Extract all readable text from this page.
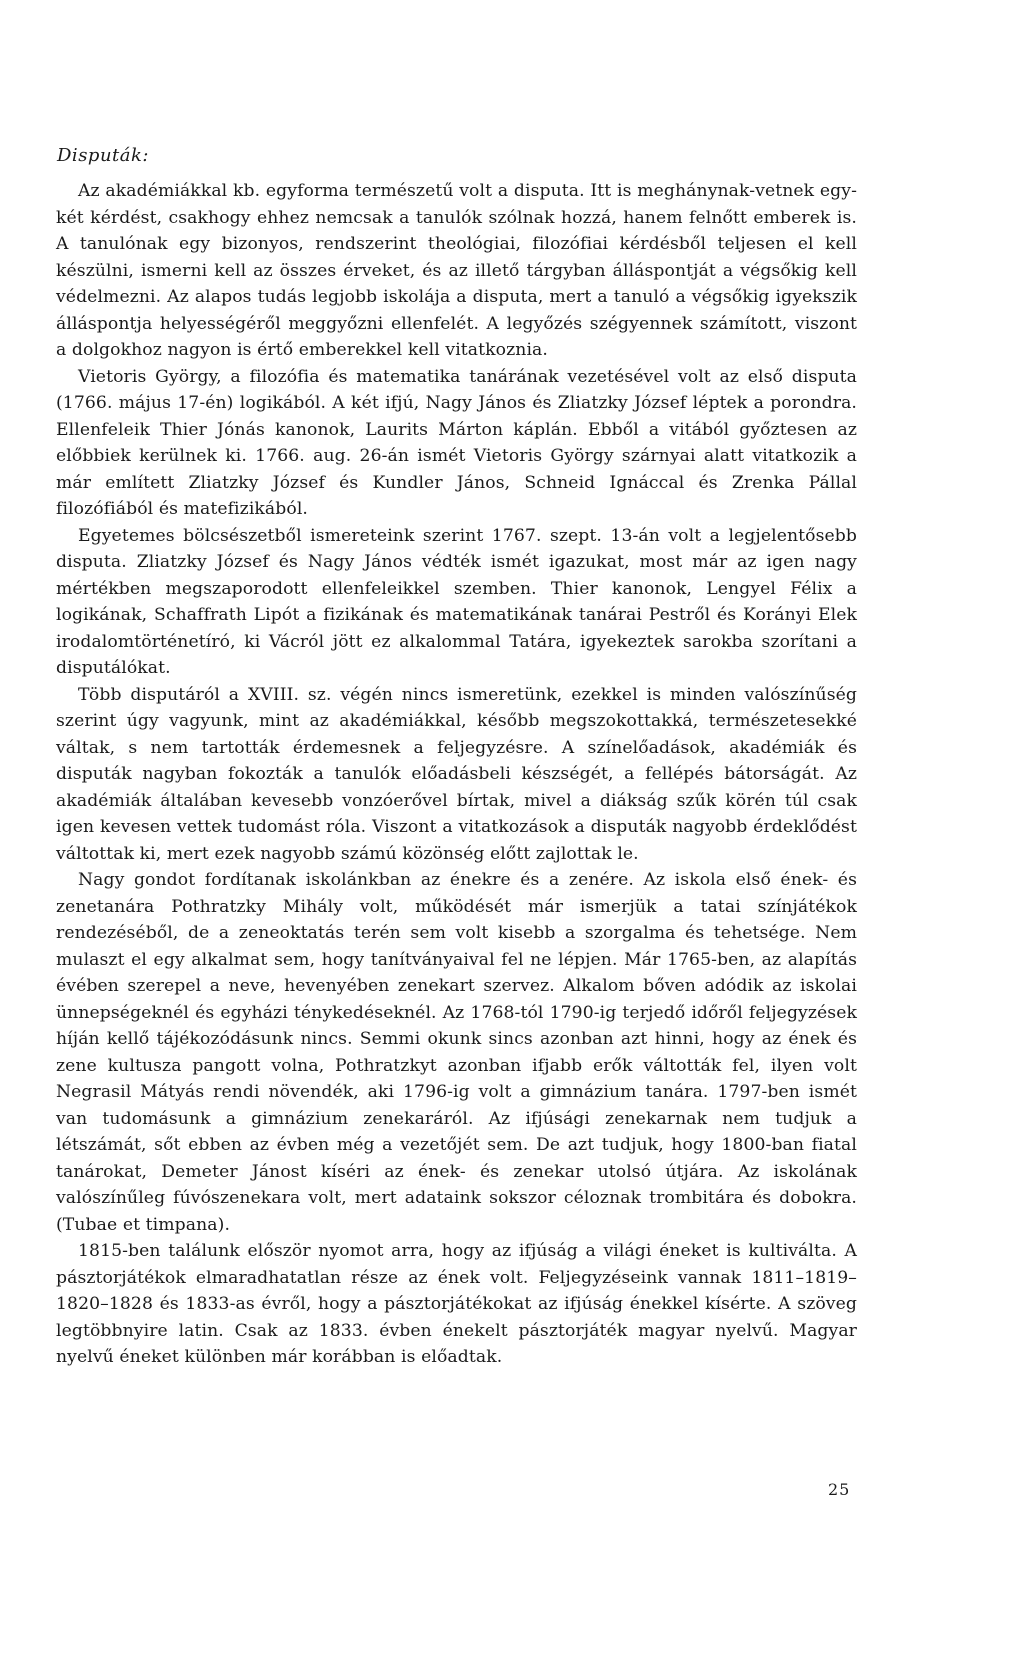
Disputák:

Az akadémiákkal kb. egyforma természetű volt a disputa. Itt is meghánynak-vetnek egy-két kérdést, csakhogy ehhez nemcsak a tanulók szólnak hozzá, hanem felnőtt emberek is. A tanulónak egy bizonyos, rendszerint theológiai, filozófiai kérdésből teljesen el kell készülni, ismerni kell az összes érveket, és az illető tárgyban álláspontját a végsőkig kell védelmezni. Az alapos tudás legjobb iskolája a disputa, mert a tanuló a végsőkig igyekszik álláspontja helyességéről meggyőzni ellenfelét. A legyőzés szégyennek számított, viszont a dolgokhoz nagyon is értő emberekkel kell vitatkoznia.

Vietoris György, a filozófia és matematika tanárának vezetésével volt az első disputa (1766. május 17-én) logikából. A két ifjú, Nagy János és Zliatzky József léptek a porondra. Ellenfeleik Thier Jónás kanonok, Laurits Márton káplán. Ebből a vitából győztesen az előbbiek kerülnek ki. 1766. aug. 26-án ismét Vietoris György szárnyai alatt vitatkozik a már említett Zliatzky József és Kundler János, Schneid Ignáccal és Zrenka Pállal filozófiából és matefizikából.

Egyetemes bölcsészetből ismereteink szerint 1767. szept. 13-án volt a legjelentősebb disputa. Zliatzky József és Nagy János védték ismét igazukat, most már az igen nagy mértékben megszaporodott ellenfeleikkel szemben. Thier kanonok, Lengyel Félix a logikának, Schaffrath Lipót a fizikának és matematikának tanárai Pestről és Korányi Elek irodalomtörténetíró, ki Vácról jött ez alkalommal Tatára, igyekeztek sarokba szorítani a disputálókat.

Több disputáról a XVIII. sz. végén nincs ismeretünk, ezekkel is minden valószínűség szerint úgy vagyunk, mint az akadémiákkal, később megszokottakká, természetesekké váltak, s nem tartották érdemesnek a feljegyzésre. A színelőadások, akadémiák és disputák nagyban fokozták a tanulók előadásbeli készségét, a fellépés bátorságát. Az akadémiák általában kevesebb vonzóerővel bírtak, mivel a diákság szűk körén túl csak igen kevesen vettek tudomást róla. Viszont a vitatkozások a disputák nagyobb érdeklődést váltottak ki, mert ezek nagyobb számú közönség előtt zajlottak le.

Nagy gondot fordítanak iskolánkban az énekre és a zenére. Az iskola első ének- és zenetanára Pothratzky Mihály volt, működését már ismerjük a tatai színjátékok rendezéséből, de a zeneoktatás terén sem volt kisebb a szorgalma és tehetsége. Nem mulaszt el egy alkalmat sem, hogy tanítványaival fel ne lépjen. Már 1765-ben, az alapítás évében szerepel a neve, hevenyében zenekart szervez. Alkalom bőven adódik az iskolai ünnepségeknél és egyházi ténykedéseknél. Az 1768-tól 1790-ig terjedő időről feljegyzések híján kellő tájékozódásunk nincs. Semmi okunk sincs azonban azt hinni, hogy az ének és zene kultusza pangott volna, Pothratzkyt azonban ifjabb erők váltották fel, ilyen volt Negrasil Mátyás rendi növendék, aki 1796-ig volt a gimnázium tanára. 1797-ben ismét van tudomásunk a gimnázium zenekaráról. Az ifjúsági zenekarnak nem tudjuk a létszámát, sőt ebben az évben még a vezetőjét sem. De azt tudjuk, hogy 1800-ban fiatal tanárokat, Demeter Jánost kíséri az ének- és zenekar utolsó útjára. Az iskolának valószínűleg fúvószenekara volt, mert adataink sokszor céloznak trombitára és dobokra. (Tubae et timpana).

1815-ben találunk először nyomot arra, hogy az ifjúság a világi éneket is kultiválta. A pásztorjátékok elmaradhatatlan része az ének volt. Feljegyzéseink vannak 1811–1819–1820–1828 és 1833-as évről, hogy a pásztorjátékokat az ifjúság énekkel kísérte. A szöveg legtöbbnyire latin. Csak az 1833. évben énekelt pásztorjáték magyar nyelvű. Magyar nyelvű éneket különben már korábban is előadtak.

25
